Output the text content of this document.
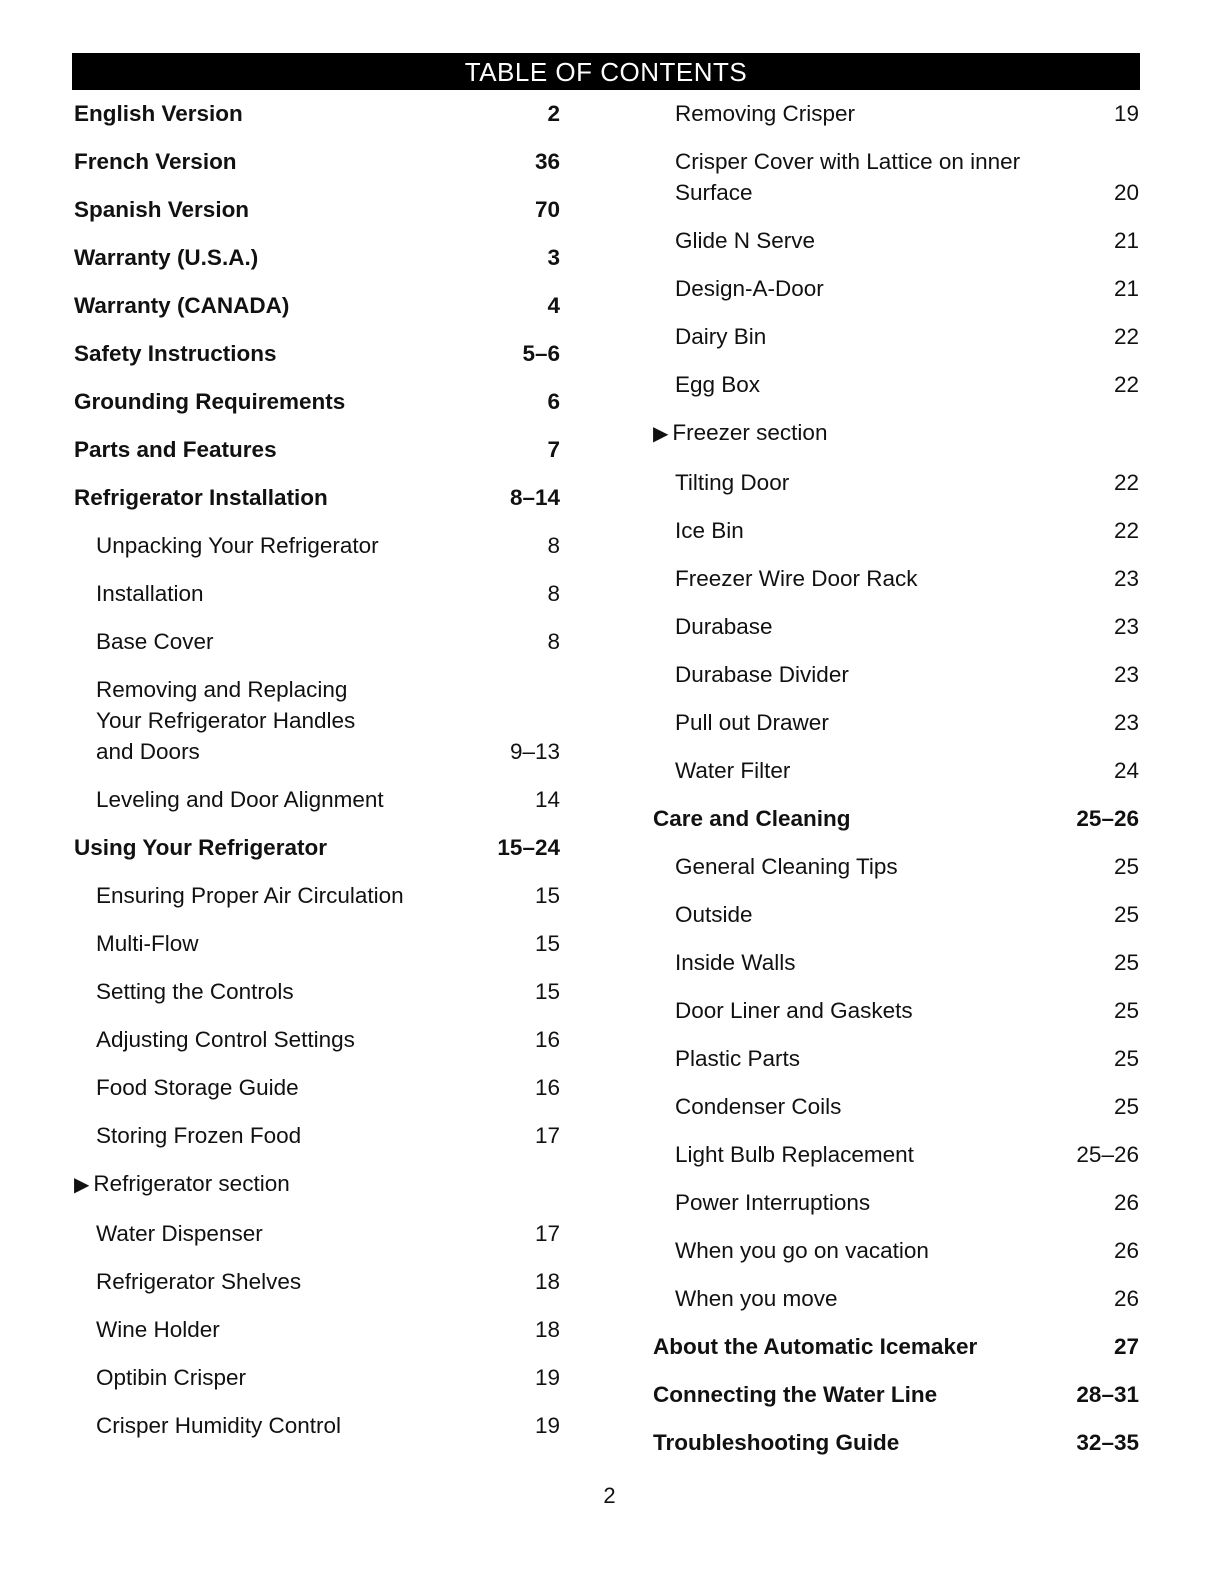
TABLE OF CONTENTS
English Version	2
French Version	36
Spanish Version	70
Warranty (U.S.A.)	3
Warranty (CANADA)	4
Safety Instructions	5–6
Grounding Requirements	6
Parts and Features	7
Refrigerator Installation	8–14
Unpacking Your Refrigerator	8
Installation	8
Base Cover	8
Removing and Replacing
Your Refrigerator Handles
and Doors	9–13
Leveling and Door Alignment	14
Using Your Refrigerator	15–24
Ensuring Proper Air Circulation	15
Multi-Flow	15
Setting the Controls	15
Adjusting Control Settings	16
Food Storage Guide	16
Storing Frozen Food	17
▶ Refrigerator section
Water Dispenser	17
Refrigerator Shelves	18
Wine Holder	18
Optibin Crisper	19
Crisper Humidity Control	19
Removing Crisper	19
Crisper Cover with Lattice on inner
Surface	20
Glide N Serve	21
Design-A-Door	21
Dairy Bin	22
Egg Box	22
▶ Freezer section
Tilting Door	22
Ice Bin	22
Freezer Wire Door Rack	23
Durabase	23
Durabase Divider	23
Pull out Drawer	23
Water Filter	24
Care and Cleaning	25–26
General Cleaning Tips	25
Outside	25
Inside Walls	25
Door Liner and Gaskets	25
Plastic Parts	25
Condenser Coils	25
Light Bulb Replacement	25–26
Power Interruptions	26
When you go on vacation	26
When you move	26
About the Automatic Icemaker	27
Connecting the Water Line	28–31
Troubleshooting Guide	32–35
2
